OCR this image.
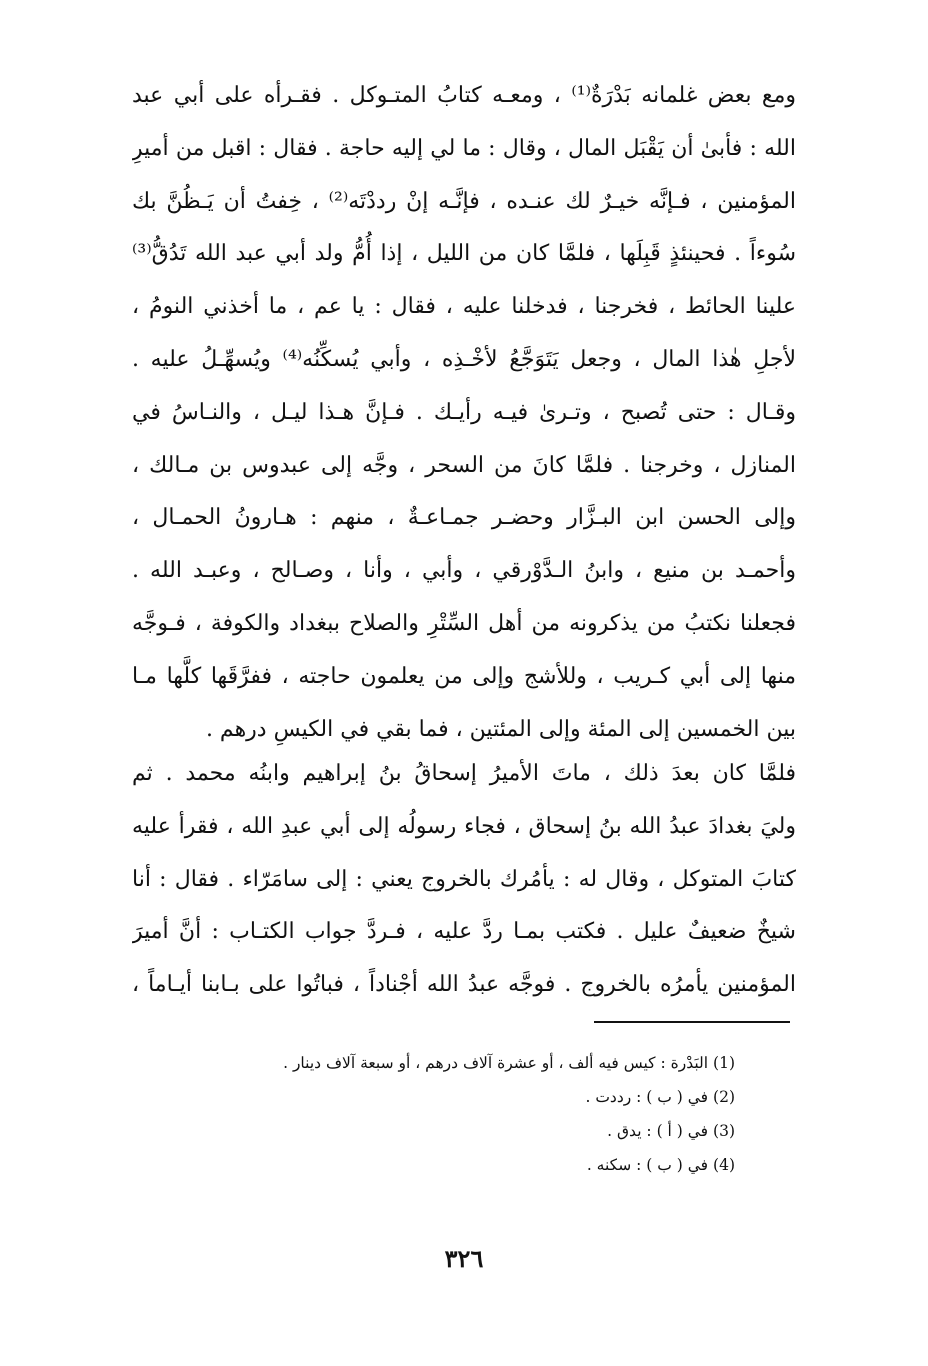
ومع بعض غلمانه بَدْرَةٌ⁽¹⁾ ، ومعـه كتابُ المتـوكل . فقـرأه على أبي عبد
الله : فأبىٰ أن يَقْبَل المال ، وقال : ما لي إليه حاجة . فقال : اقبل من أميرِ
المؤمنين ، فـإنَّه خيـرٌ لك عنـده ، فإنَّـه إنْ رددْتَه⁽²⁾ ، خِفتُ أن يَـظُنَّ بك
سُوءاً . فحينئذٍ قَبِلَها ، فلمَّا كان من الليل ، إذا أُمُّ ولد أبي عبد الله تَدُقُّ⁽³⁾
علينا الحائط ، فخرجنا ، فدخلنا عليه ، فقال : يا عم ، ما أخذني النومُ ،
لأجلِ هٰذا المال ، وجعل يَتَوَجَّعُ لأخْـذِه ، وأبي يُسكِّنُه⁽⁴⁾ ويُسهِّـلُ عليه .
وقـال : حتى تُصبح ، وتـرىٰ فيـه رأيـك . فـإنَّ هـذا ليـل ، والنـاسُ في
المنازل ، وخرجنا . فلمَّا كانَ من السحر ، وجَّه إلى عبدوس بن مـالك ،
وإلى الحسن ابن البـزَّار وحضـر جمـاعـةٌ ، منهم : هـارونُ الحمـال ،
وأحمـد بن منيع ، وابنُ الـدَّوْرقي ، وأبي ، وأنا ، وصـالح ، وعبـد الله .
فجعلنا نكتبُ من يذكرونه من أهل السِّتْرِ والصلاح ببغداد والكوفة ، فـوجَّه
منها إلى أبي كـريب ، وللأشج وإلى من يعلمون حاجته ، ففرَّقَها كلَّها مـا
بين الخمسين إلى المئة وإلى المئتين ، فما بقي في الكيسِ درهم .
فلمَّا كان بعدَ ذلك ، ماتَ الأميرُ إسحاقُ بنُ إبراهيم وابنُه محمد . ثم
وليَ بغدادَ عبدُ الله بنُ إسحاق ، فجاء رسولُه إلى أبي عبدِ الله ، فقرأ عليه
كتابَ المتوكل ، وقال له : يأمُرك بالخروج يعني : إلى سامَرّاء . فقال : أنا
شيخٌ ضعيفٌ عليل . فكتب بمـا ردَّ عليه ، فـردَّ جواب الكتـاب : أنَّ أميرَ
المؤمنين يأمرُه بالخروج . فوجَّه عبدُ الله أجْناداً ، فباتُوا على بـابنا أيـاماً ،
(1) البَدْرة : كيس فيه ألف ، أو عشرة آلاف درهم ، أو سبعة آلاف دينار .
(2) في ( ب ) : رددت .
(3) في ( أ ) : يدق .
(4) في ( ب ) : سكنه .
٣٢٦
